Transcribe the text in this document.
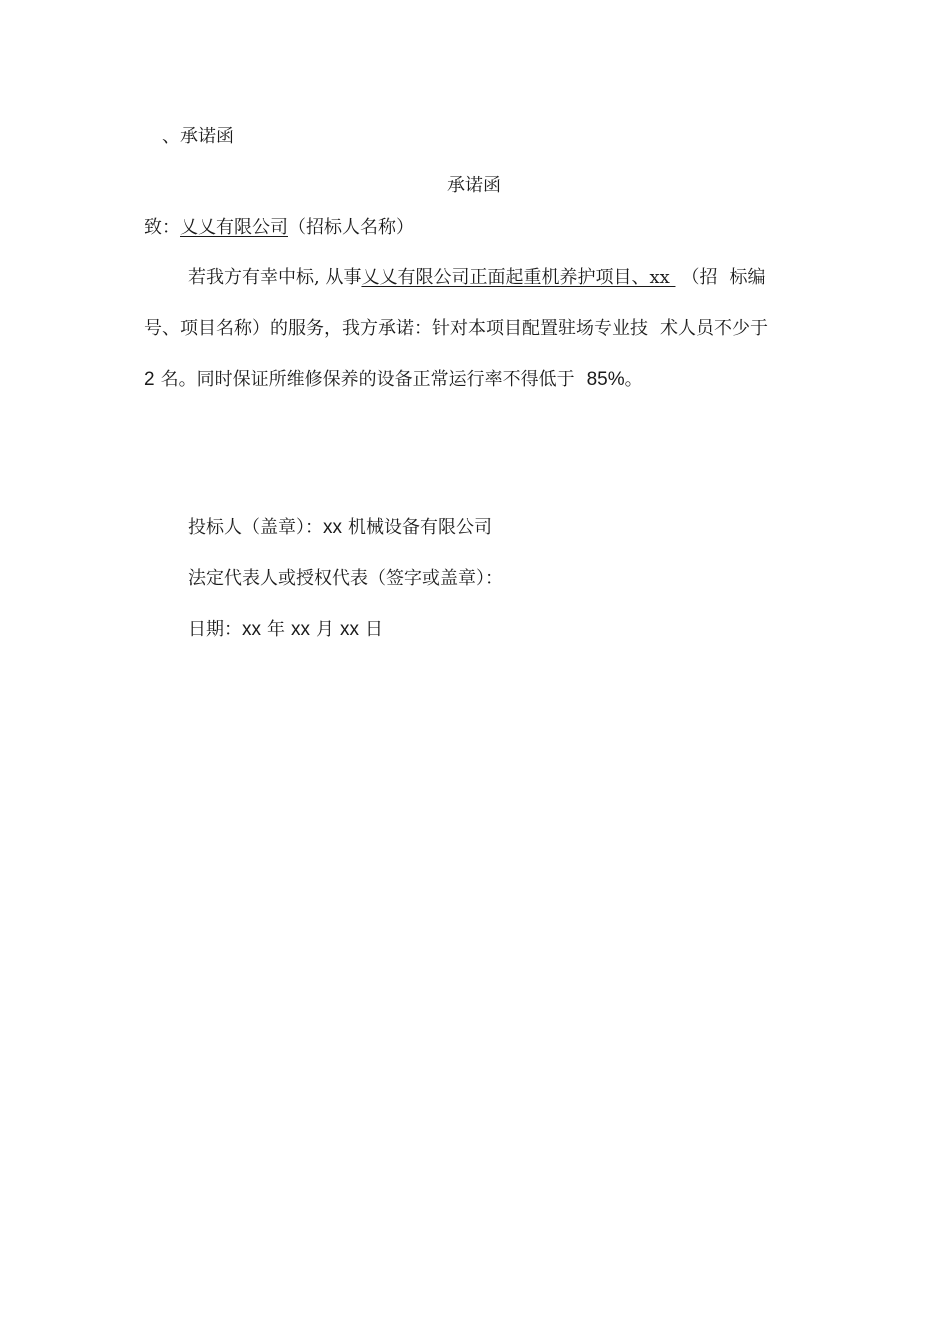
、承诺函
承诺函
致：乂乂有限公司（招标人名称）
若我方有幸中标, 从事乂乂有限公司正面起重机养护项目、xx （招 标编
号、项目名称）的服务，我方承诺：针对本项目配置驻场专业技 术人员不少于
2 名。同时保证所维修保养的设备正常运行率不得低于 85%。
投标人（盖章）：xx 机械设备有限公司
法定代表人或授权代表（签字或盖章）：
日期：xx 年 xx 月 xx 日
